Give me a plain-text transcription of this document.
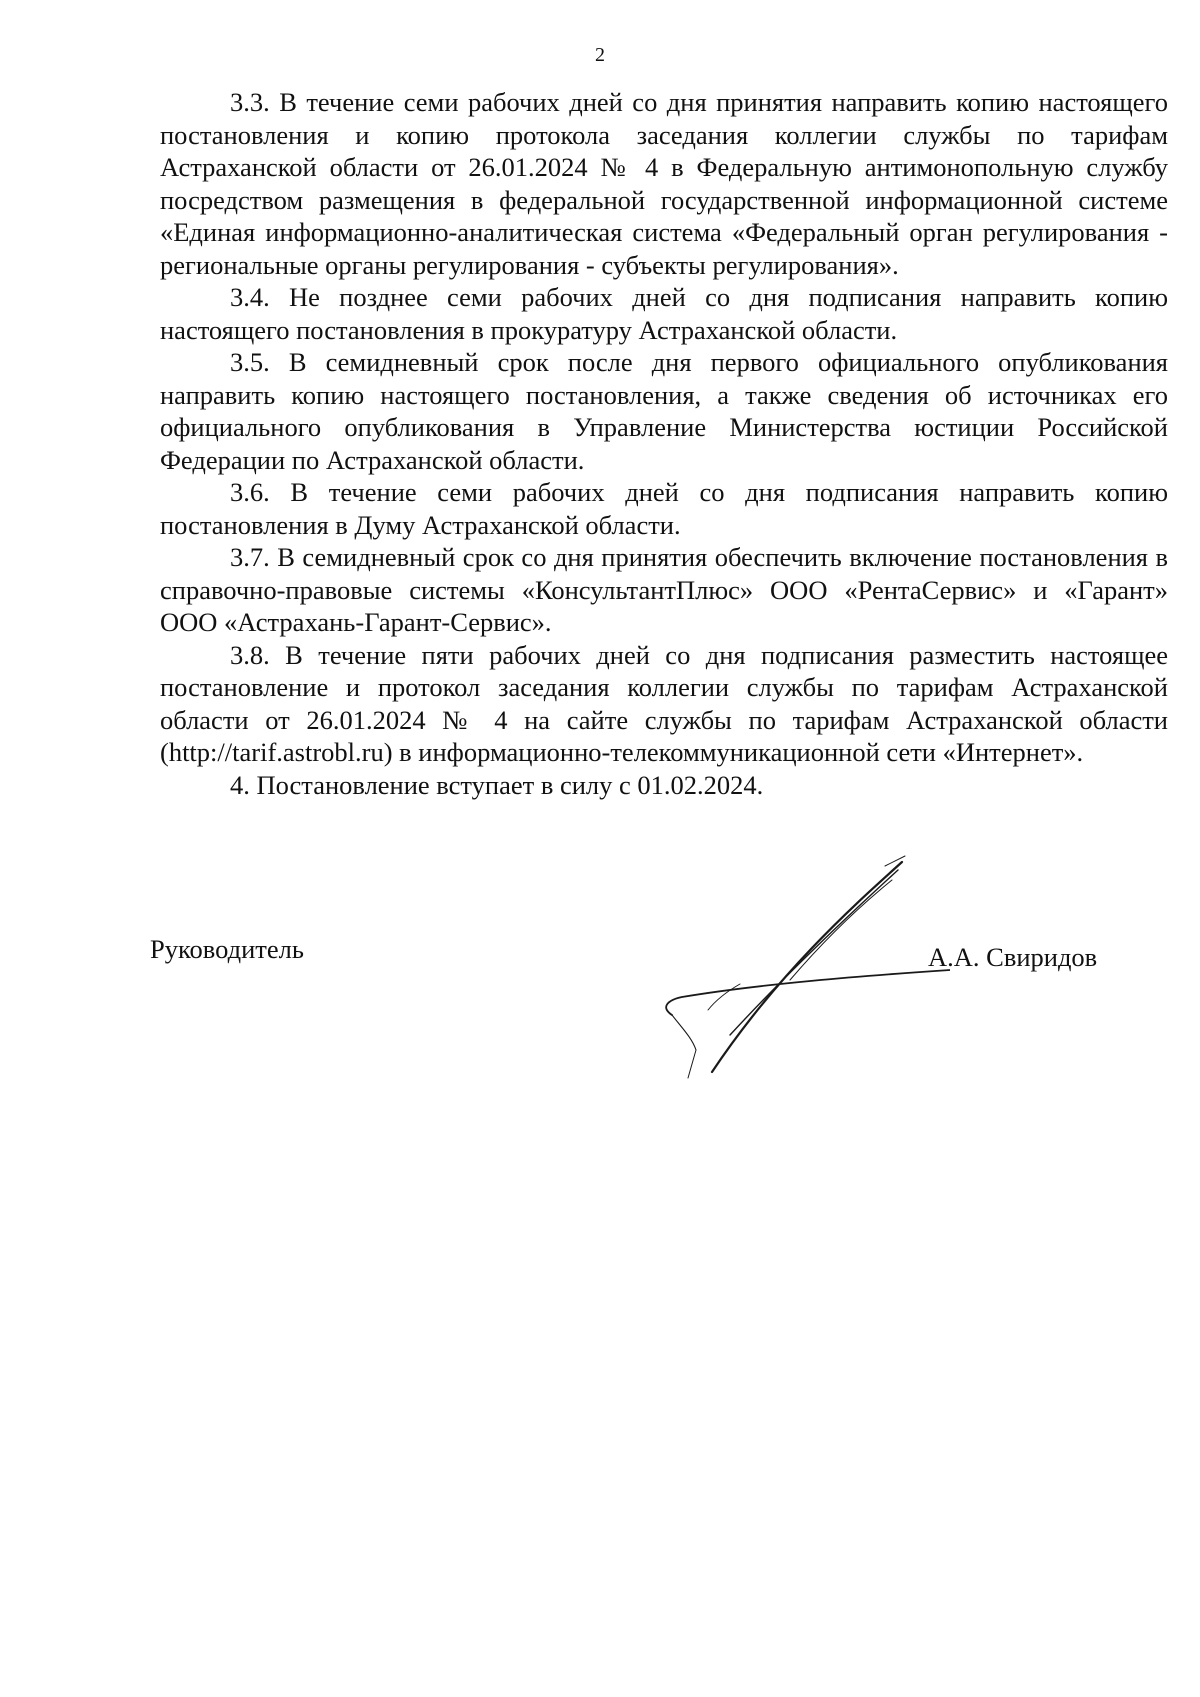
2

3.3. В течение семи рабочих дней со дня принятия направить копию настоящего постановления и копию протокола заседания коллегии службы по тарифам Астраханской области от 26.01.2024 № 4 в Федеральную антимонопольную службу посредством размещения в федеральной государственной информационной системе «Единая информационно-аналитическая система «Федеральный орган регулирования - региональные органы регулирования - субъекты регулирования».

3.4. Не позднее семи рабочих дней со дня подписания направить копию настоящего постановления в прокуратуру Астраханской области.

3.5. В семидневный срок после дня первого официального опубликования направить копию настоящего постановления, а также сведения об источниках его официального опубликования в Управление Министерства юстиции Российской Федерации по Астраханской области.

3.6. В течение семи рабочих дней со дня подписания направить копию постановления в Думу Астраханской области.

3.7. В семидневный срок со дня принятия обеспечить включение постановления в справочно-правовые системы «КонсультантПлюс» ООО «РентаСервис» и «Гарант» ООО «Астрахань-Гарант-Сервис».

3.8. В течение пяти рабочих дней со дня подписания разместить настоящее постановление и протокол заседания коллегии службы по тарифам Астраханской области от 26.01.2024 № 4 на сайте службы по тарифам Астраханской области (http://tarif.astrobl.ru) в информационно-телекоммуникационной сети «Интернет».

4. Постановление вступает в силу с 01.02.2024.

Руководитель	А.А. Свиридов
